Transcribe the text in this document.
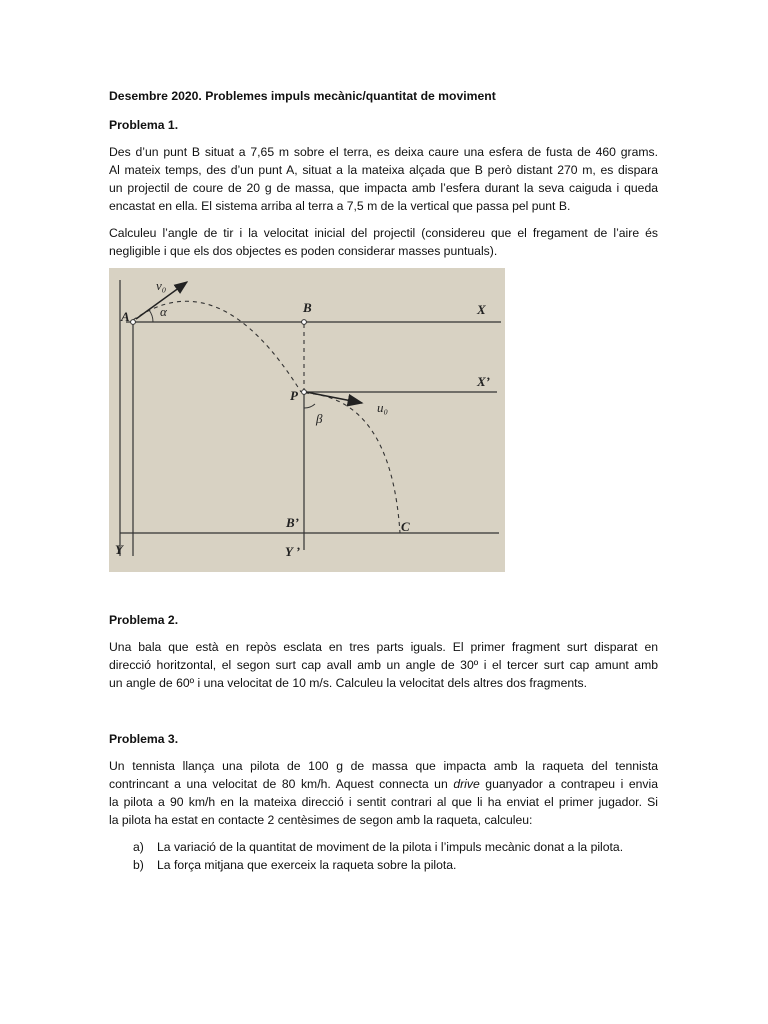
Desembre 2020. Problemes impuls mecànic/quantitat de moviment
Problema 1.
Des d’un punt B situat a 7,65 m sobre el terra, es deixa caure una esfera de fusta de 460 grams.
Al mateix temps, des d’un punt A, situat a la mateixa alçada que B però distant 270 m, es dispara
un projectil de coure de 20 g de massa, que impacta amb l’esfera durant la seva caiguda i queda
encastat en ella. El sistema arriba al terra a 7,5 m de la vertical que passa pel punt B.
Calculeu l’angle de tir i la velocitat inicial del projectil (considereu que el fregament de l’aire és
negligible i que els dos objectes es poden considerar masses puntuals).
v₀
α
A
B	X
X’
P
u₀
β
B’	C
Y	Y ’
Problema 2.
Una bala que està en repòs esclata en tres parts iguals. El primer fragment surt disparat en
direcció horitzontal, el segon surt cap avall amb un angle de 30º i el tercer surt cap amunt amb
un angle de 60º i una velocitat de 10 m/s. Calculeu la velocitat dels altres dos fragments.
Problema 3.
Un tennista llança una pilota de 100 g de massa que impacta amb la raqueta del tennista
contrincant a una velocitat de 80 km/h. Aquest connecta un drive guanyador a contrapeu i envia
la pilota a 90 km/h en la mateixa direcció i sentit contrari al que li ha enviat el primer jugador. Si
la pilota ha estat en contacte 2 centèsimes de segon amb la raqueta, calculeu:
a) La variació de la quantitat de moviment de la pilota i l’impuls mecànic donat a la pilota.
b) La força mitjana que exerceix la raqueta sobre la pilota.
